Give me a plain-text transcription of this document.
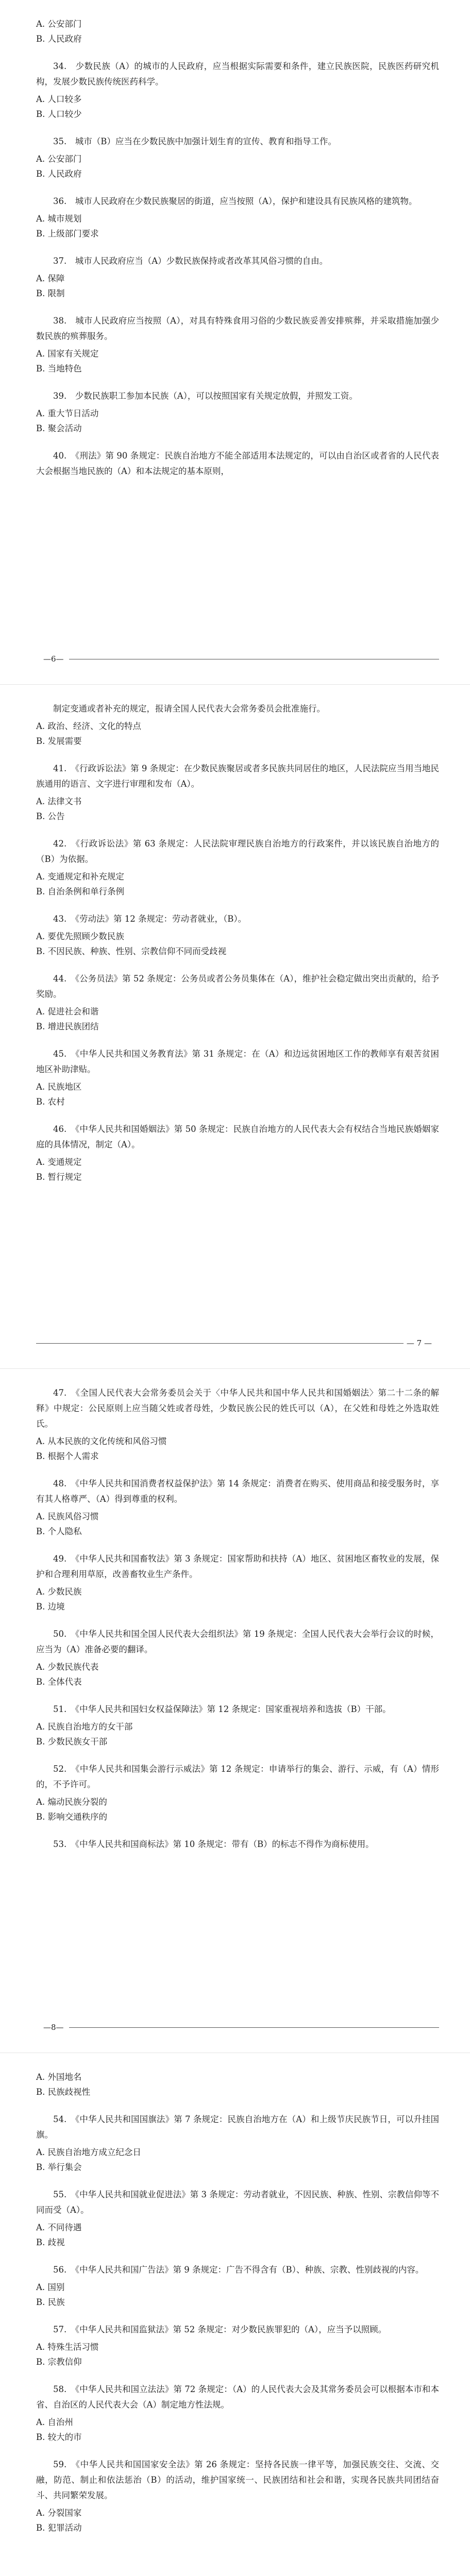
A. 公安部门

B. 人民政府

34.　少数民族（A）的城市的人民政府，应当根据实际需要和条件，建立民族医院，民族医药研究机构，发展少数民族传统医药科学。

A. 人口较多

B. 人口较少

35.　城市（B）应当在少数民族中加强计划生育的宣传、教育和指导工作。

A. 公安部门

B. 人民政府

36.　城市人民政府在少数民族聚居的街道，应当按照（A），保护和建设具有民族风格的建筑物。

A. 城市规划

B. 上级部门要求

37.　城市人民政府应当（A）少数民族保持或者改革其风俗习惯的自由。

A. 保障

B. 限制

38.　城市人民政府应当按照（A），对具有特殊食用习俗的少数民族妥善安排殡葬，并采取措施加强少数民族的殡葬服务。

A. 国家有关规定

B. 当地特色

39.　少数民族职工参加本民族（A），可以按照国家有关规定放假，并照发工资。

A. 重大节日活动

B. 聚会活动

40.　《刑法》第 90 条规定：民族自治地方不能全部适用本法规定的，可以由自治区或者省的人民代表大会根据当地民族的（A）和本法规定的基本原则，

—6—

制定变通或者补充的规定，报请全国人民代表大会常务委员会批准施行。

A. 政治、经济、文化的特点

B. 发展需要

41.　《行政诉讼法》第 9 条规定：在少数民族聚居或者多民族共同居住的地区，人民法院应当用当地民族通用的语言、文字进行审理和发布（A）。

A. 法律文书

B. 公告

42.　《行政诉讼法》第 63 条规定：人民法院审理民族自治地方的行政案件，并以该民族自治地方的（B）为依据。

A. 变通规定和补充规定

B. 自治条例和单行条例

43.　《劳动法》第 12 条规定：劳动者就业，（B）。

A. 要优先照顾少数民族

B. 不因民族、种族、性别、宗教信仰不同而受歧视

44.　《公务员法》第 52 条规定：公务员或者公务员集体在（A），维护社会稳定做出突出贡献的，给予奖励。

A. 促进社会和谐

B. 增进民族团结

45.　《中华人民共和国义务教育法》第 31 条规定：在（A）和边远贫困地区工作的教师享有艰苦贫困地区补助津贴。

A. 民族地区

B. 农村

46.　《中华人民共和国婚姻法》第 50 条规定：民族自治地方的人民代表大会有权结合当地民族婚姻家庭的具体情况，制定（A）。

A. 变通规定

B. 暂行规定

— 7 —

47.　《全国人民代表大会常务委员会关于〈中华人民共和国中华人民共和国婚姻法〉第二十二条的解释》中规定：公民原则上应当随父姓或者母姓，少数民族公民的姓氏可以（A），在父姓和母姓之外选取姓氏。

A. 从本民族的文化传统和风俗习惯

B. 根据个人需求

48.　《中华人民共和国消费者权益保护法》第 14 条规定：消费者在购买、使用商品和接受服务时，享有其人格尊严、（A）得到尊重的权利。

A. 民族风俗习惯

B. 个人隐私

49.　《中华人民共和国畜牧法》第 3 条规定：国家帮助和扶持（A）地区、贫困地区畜牧业的发展，保护和合理利用草原，改善畜牧业生产条件。

A. 少数民族

B. 边境

50.　《中华人民共和国全国人民代表大会组织法》第 19 条规定：全国人民代表大会举行会议的时候，应当为（A）准备必要的翻译。

A. 少数民族代表

B. 全体代表

51.　《中华人民共和国妇女权益保障法》第 12 条规定：国家重视培养和选拔（B）干部。

A. 民族自治地方的女干部

B. 少数民族女干部

52.　《中华人民共和国集会游行示威法》第 12 条规定：申请举行的集会、游行、示威，有（A）情形的，不予许可。

A. 煽动民族分裂的

B. 影响交通秩序的

53.　《中华人民共和国商标法》第 10 条规定：带有（B）的标志不得作为商标使用。

—8—

A. 外国地名

B. 民族歧视性

54.　《中华人民共和国国旗法》第 7 条规定：民族自治地方在（A）和上级节庆民族节日，可以升挂国旗。

A. 民族自治地方成立纪念日

B. 举行集会

55.　《中华人民共和国就业促进法》第 3 条规定：劳动者就业，不因民族、种族、性别、宗教信仰等不同而受（A）。

A. 不同待遇

B. 歧视

56.　《中华人民共和国广告法》第 9 条规定：广告不得含有（B）、种族、宗教、性别歧视的内容。

A. 国别

B. 民族

57.　《中华人民共和国监狱法》第 52 条规定：对少数民族罪犯的（A），应当予以照顾。

A. 特殊生活习惯

B. 宗教信仰

58.　《中华人民共和国立法法》第 72 条规定：（A）的人民代表大会及其常务委员会可以根据本市和本省、自治区的人民代表大会（A）制定地方性法规。

A. 自治州

B. 较大的市

59.　《中华人民共和国国家安全法》第 26 条规定：坚持各民族一律平等，加强民族交往、交流、交融，防范、制止和依法惩治（B）的活动，维护国家统一、民族团结和社会和谐，实现各民族共同团结奋斗、共同繁荣发展。

A. 分裂国家

B. 犯罪活动
